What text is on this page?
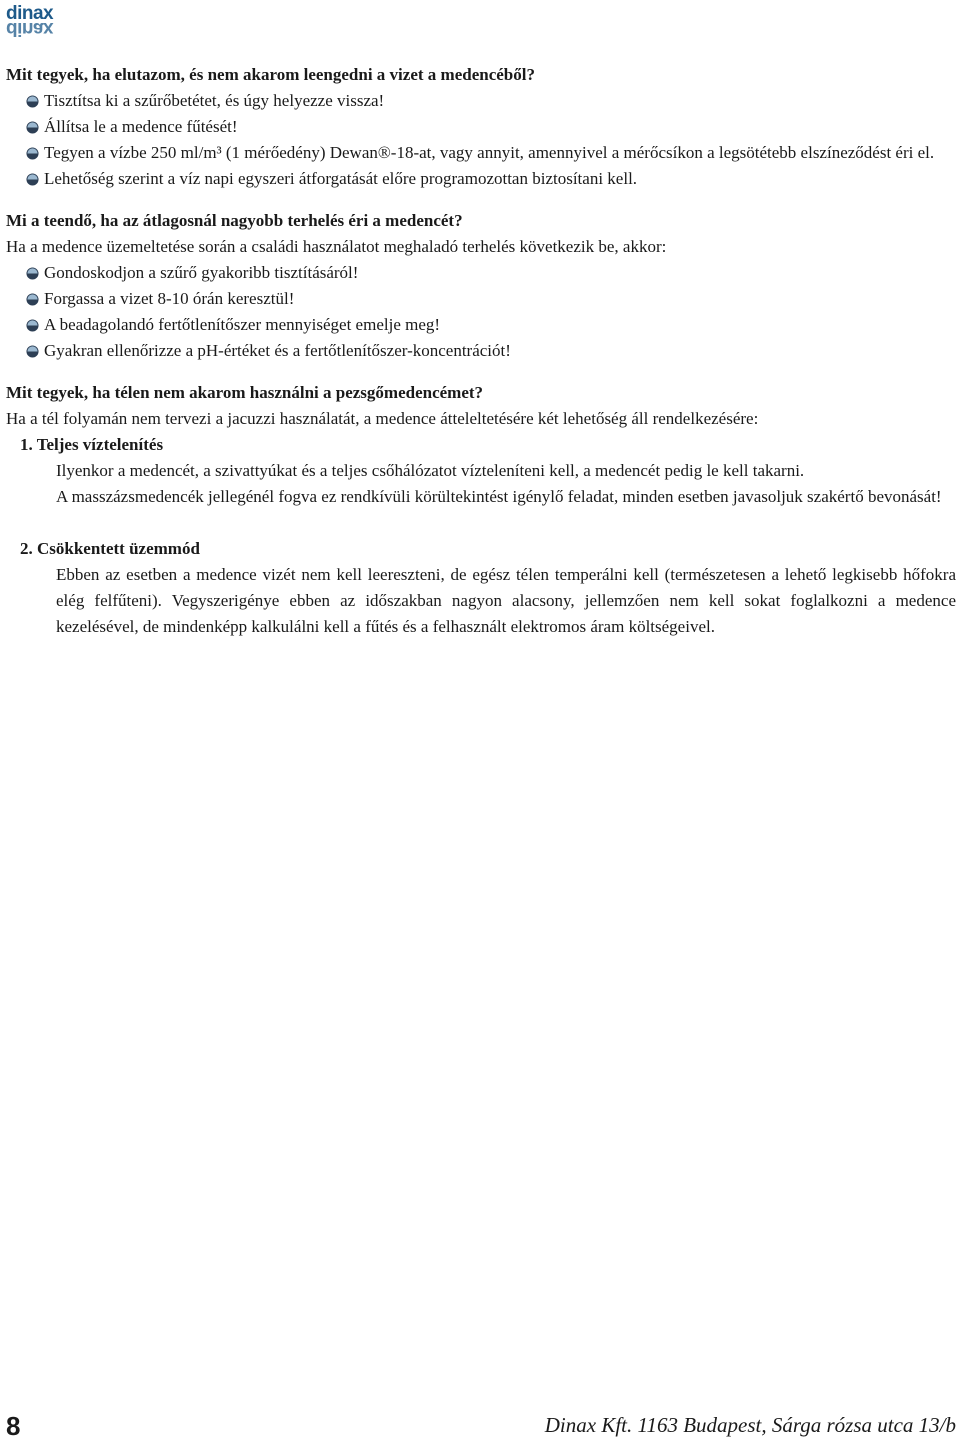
dinax
dinax
Mit tegyek, ha elutazom, és nem akarom leengedni a vizet a medencéből?
Tisztítsa ki a szűrőbetétet, és úgy helyezze vissza!
Állítsa le a medence fűtését!
Tegyen a vízbe 250 ml/m³ (1 mérőedény) Dewan®-18-at, vagy annyit, amennyivel a mérőcsíkon a legsötétebb elszíneződést éri el.
Lehetőség szerint a víz napi egyszeri átforgatását előre programozottan biztosítani kell.
Mi a teendő, ha az átlagosnál nagyobb terhelés éri a medencét?

Ha a medence üzemeltetése során a családi használatot meghaladó terhelés következik be, akkor:

Gondoskodjon a szűrő gyakoribb tisztításáról!
Forgassa a vizet 8-10 órán keresztül!
A beadagolandó fertőtlenítőszer mennyiséget emelje meg!
Gyakran ellenőrizze a pH-értéket és a fertőtlenítőszer-koncentrációt!
Mit tegyek, ha télen nem akarom használni a pezsgőmedencémet?

Ha a tél folyamán nem tervezi a jacuzzi használatát, a medence átteleltetésére két lehetőség áll rendelkezésére:

1. Teljes víztelenítés

Ilyenkor a medencét, a szivattyúkat és a teljes csőhálózatot vízteleníteni kell, a medencét pedig le kell takarni.

A masszázsmedencék jellegénél fogva ez rendkívüli körültekintést igénylő feladat, minden esetben javasoljuk szakértő bevonását!

2. Csökkentett üzemmód

Ebben az esetben a medence vizét nem kell leereszteni, de egész télen temperálni kell (természetesen a lehető legkisebb hőfokra elég felfűteni). Vegyszerigénye ebben az időszakban nagyon alacsony, jellemzően nem kell sokat foglalkozni a medence kezelésével, de mindenképp kalkulálni kell a fűtés és a felhasznált elektromos áram költségeivel.

8	Dinax Kft. 1163 Budapest, Sárga rózsa utca 13/b
